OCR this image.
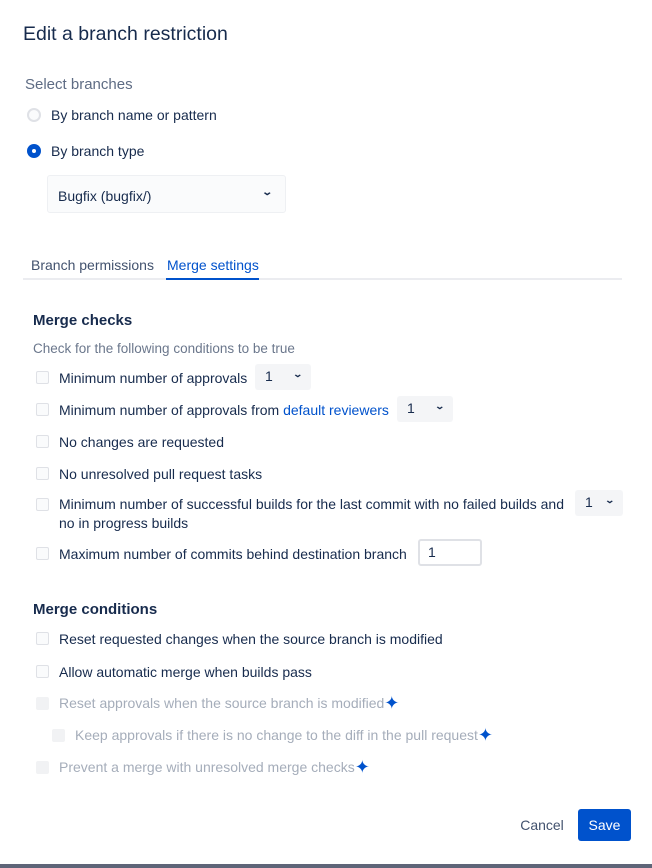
Edit a branch restriction
Select branches
By branch name or pattern
By branch type
Bugfix (bugfix/)	⌄
Branch permissions Merge settings
Merge checks
Check for the following conditions to be true
Minimum number of approvals	1 ⌄
Minimum number of approvals from default reviewers	1 ⌄
No changes are requested
No unresolved pull request tasks
Minimum number of successful builds for the last commit with no failed builds and no in progress builds
1 ⌄
Maximum number of commits behind destination branch	1
Merge conditions
Reset requested changes when the source branch is modified
Allow automatic merge when builds pass
Reset approvals when the source branch is modified✦
Keep approvals if there is no change to the diff in the pull request✦
Prevent a merge with unresolved merge checks✦
Cancel	Save
